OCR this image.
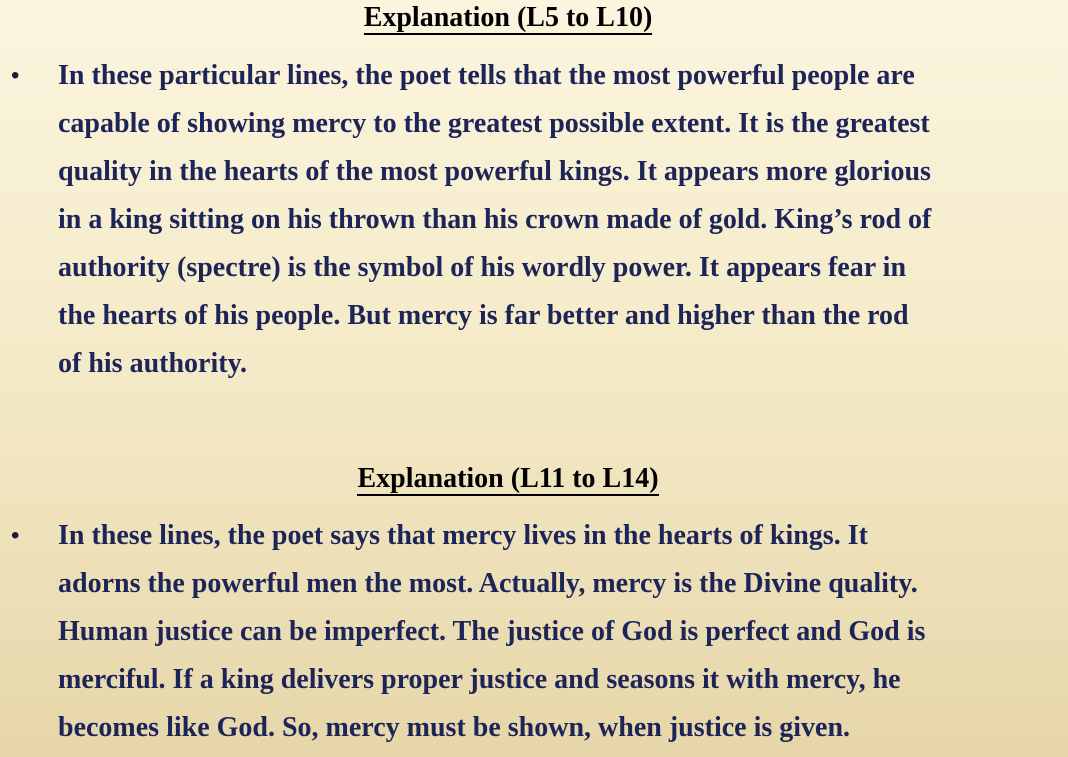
Explanation (L5 to L10)
• In these particular lines, the poet tells that the most powerful people are
capable of showing mercy to the greatest possible extent. It is the greatest
quality in the hearts of the most powerful kings. It appears more glorious
in a king sitting on his thrown than his crown made of gold. King’s rod of
authority (spectre) is the symbol of his wordly power. It appears fear in
the hearts of his people. But mercy is far better and higher than the rod
of his authority.

Explanation (L11 to L14)
• In these lines, the poet says that mercy lives in the hearts of kings. It
adorns the powerful men the most. Actually, mercy is the Divine quality.
Human justice can be imperfect. The justice of God is perfect and God is
merciful. If a king delivers proper justice and seasons it with mercy, he
becomes like God. So, mercy must be shown, when justice is given.
